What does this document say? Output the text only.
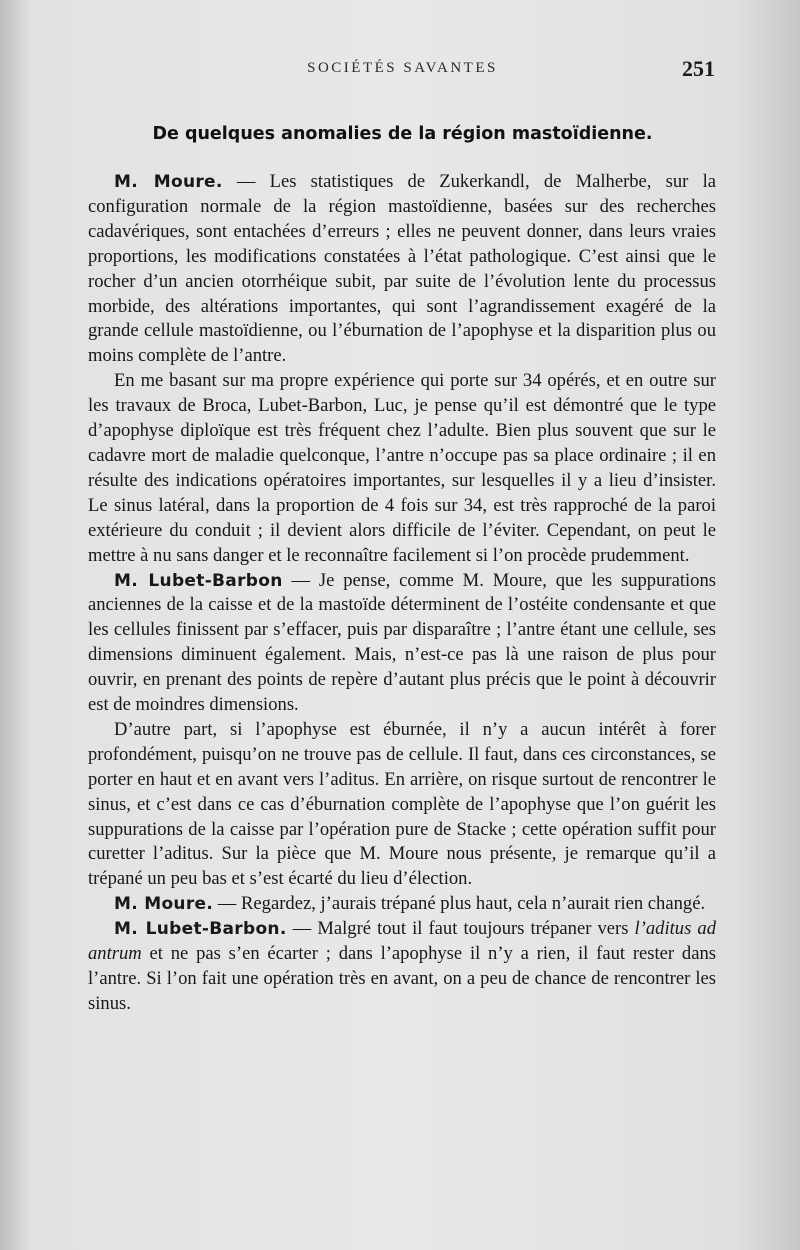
SOCIÉTÉS SAVANTES	251
De quelques anomalies de la région mastoïdienne.

M. Moure. — Les statistiques de Zukerkandl, de Malherbe, sur la configuration normale de la région mastoïdienne, basées sur des recherches cadavériques, sont entachées d’erreurs ; elles ne peuvent donner, dans leurs vraies proportions, les modifications constatées à l’état pathologique. C’est ainsi que le rocher d’un ancien otorrhéique subit, par suite de l’évolution lente du processus morbide, des altérations importantes, qui sont l’agrandissement exagéré de la grande cellule mastoïdienne, ou l’éburnation de l’apophyse et la disparition plus ou moins complète de l’antre.

En me basant sur ma propre expérience qui porte sur 34 opérés, et en outre sur les travaux de Broca, Lubet-Barbon, Luc, je pense qu’il est démontré que le type d’apophyse diploïque est très fréquent chez l’adulte. Bien plus souvent que sur le cadavre mort de maladie quelconque, l’antre n’occupe pas sa place ordinaire ; il en résulte des indications opératoires importantes, sur lesquelles il y a lieu d’insister. Le sinus latéral, dans la proportion de 4 fois sur 34, est très rapproché de la paroi extérieure du conduit ; il devient alors difficile de l’éviter. Cependant, on peut le mettre à nu sans danger et le reconnaître facilement si l’on procède prudemment.

M. Lubet-Barbon — Je pense, comme M. Moure, que les suppurations anciennes de la caisse et de la mastoïde déterminent de l’ostéite condensante et que les cellules finissent par s’effacer, puis par disparaître ; l’antre étant une cellule, ses dimensions diminuent également. Mais, n’est-ce pas là une raison de plus pour ouvrir, en prenant des points de repère d’autant plus précis que le point à découvrir est de moindres dimensions.

D’autre part, si l’apophyse est éburnée, il n’y a aucun intérêt à forer profondément, puisqu’on ne trouve pas de cellule. Il faut, dans ces circonstances, se porter en haut et en avant vers l’aditus. En arrière, on risque surtout de rencontrer le sinus, et c’est dans ce cas d’éburnation complète de l’apophyse que l’on guérit les suppurations de la caisse par l’opération pure de Stacke ; cette opération suffit pour curetter l’aditus. Sur la pièce que M. Moure nous présente, je remarque qu’il a trépané un peu bas et s’est écarté du lieu d’élection.

M. Moure. — Regardez, j’aurais trépané plus haut, cela n’aurait rien changé.

M. Lubet-Barbon. — Malgré tout il faut toujours trépaner vers l’aditus ad antrum et ne pas s’en écarter ; dans l’apophyse il n’y a rien, il faut rester dans l’antre. Si l’on fait une opération très en avant, on a peu de chance de rencontrer les sinus.
